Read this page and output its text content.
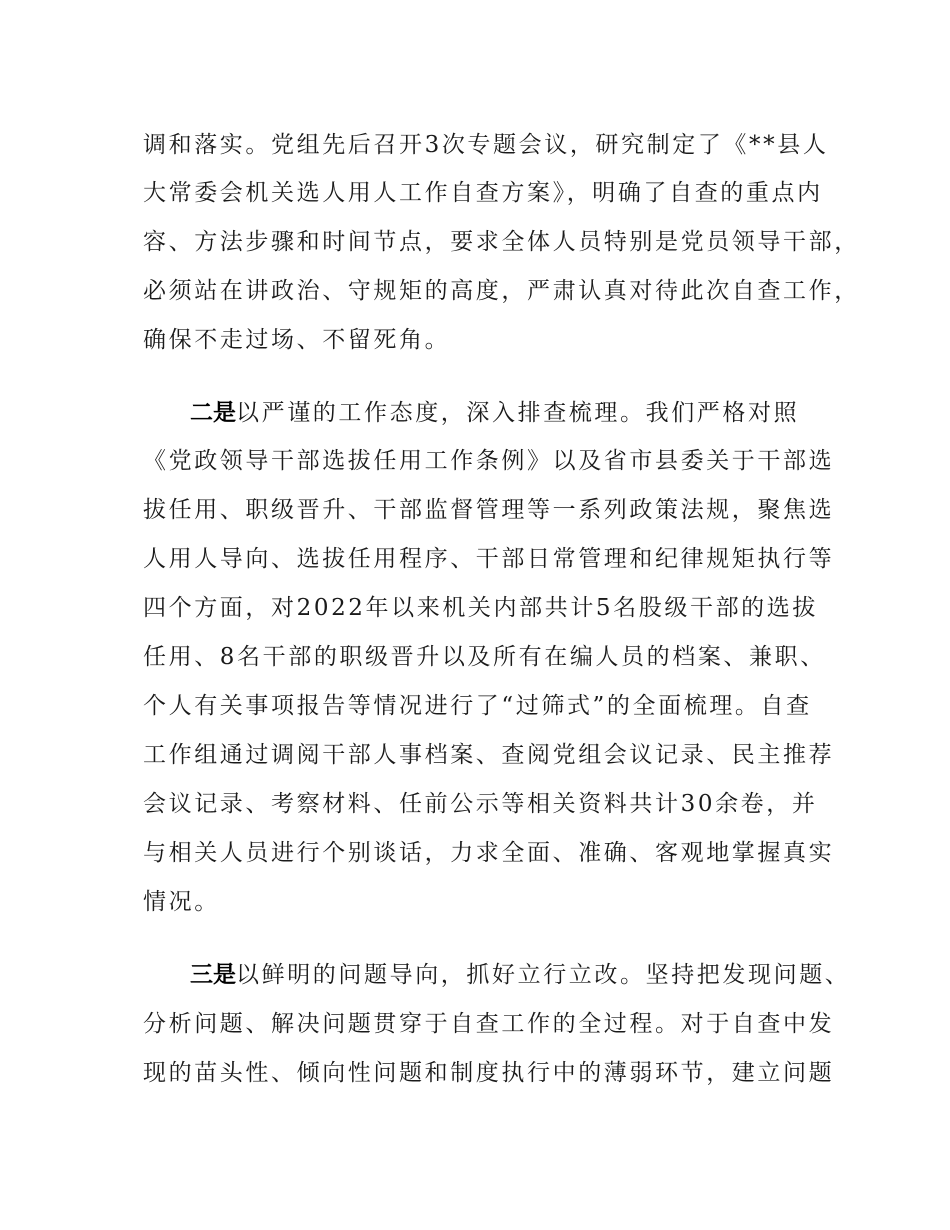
调和落实。党组先后召开3次专题会议，研究制定了《**县人
大常委会机关选人用人工作自查方案》，明确了自查的重点内
容、方法步骤和时间节点，要求全体人员特别是党员领导干部，
必须站在讲政治、守规矩的高度，严肃认真对待此次自查工作，
确保不走过场、不留死角。
二是以严谨的工作态度，深入排查梳理。我们严格对照
《党政领导干部选拔任用工作条例》以及省市县委关于干部选
拔任用、职级晋升、干部监督管理等一系列政策法规，聚焦选
人用人导向、选拔任用程序、干部日常管理和纪律规矩执行等
四个方面，对2022年以来机关内部共计5名股级干部的选拔
任用、8名干部的职级晋升以及所有在编人员的档案、兼职、
个人有关事项报告等情况进行了“过筛式”的全面梳理。自查
工作组通过调阅干部人事档案、查阅党组会议记录、民主推荐
会议记录、考察材料、任前公示等相关资料共计30余卷，并
与相关人员进行个别谈话，力求全面、准确、客观地掌握真实
情况。
三是以鲜明的问题导向，抓好立行立改。坚持把发现问题、
分析问题、解决问题贯穿于自查工作的全过程。对于自查中发
现的苗头性、倾向性问题和制度执行中的薄弱环节，建立问题
